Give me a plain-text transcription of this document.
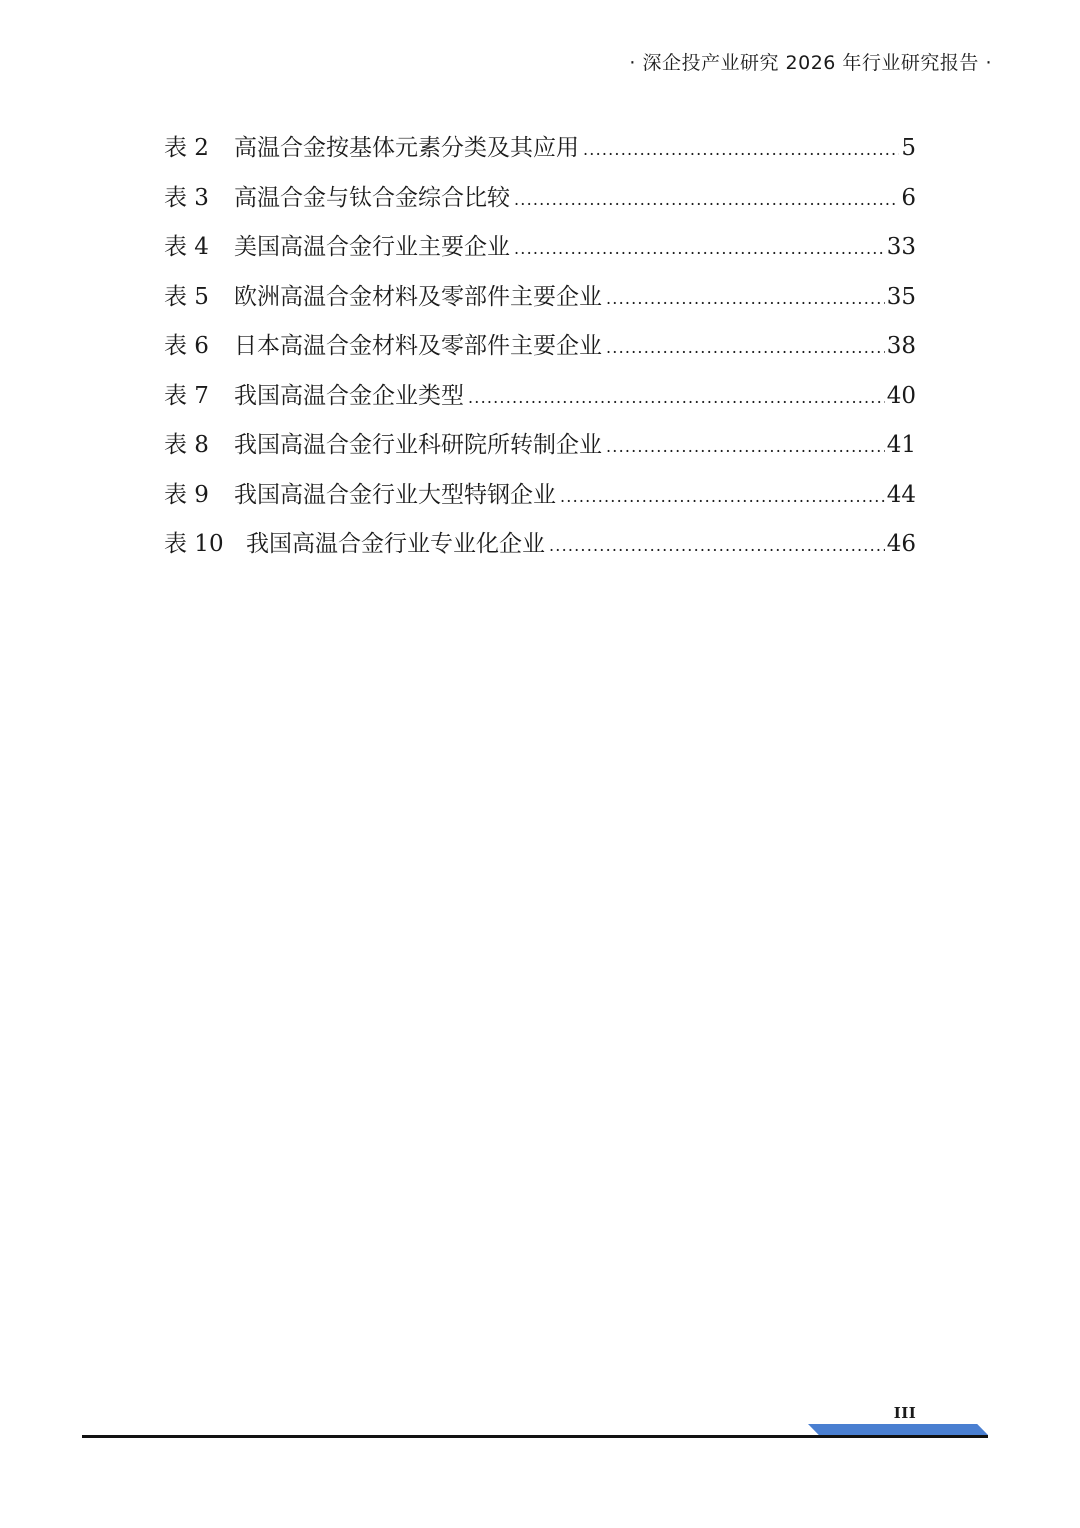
· 深企投产业研究 2026 年行业研究报告 ·
表 2	高温合金按基体元素分类及其应用 .....	5
表 3	高温合金与钛合金综合比较 .....	6
表 4	美国高温合金行业主要企业 .....	33
表 5	欧洲高温合金材料及零部件主要企业 .....	35
表 6	日本高温合金材料及零部件主要企业 .....	38
表 7	我国高温合金企业类型 .....	40
表 8	我国高温合金行业科研院所转制企业 .....	41
表 9	我国高温合金行业大型特钢企业 .....	44
表 10 我国高温合金行业专业化企业 .....	46
III
